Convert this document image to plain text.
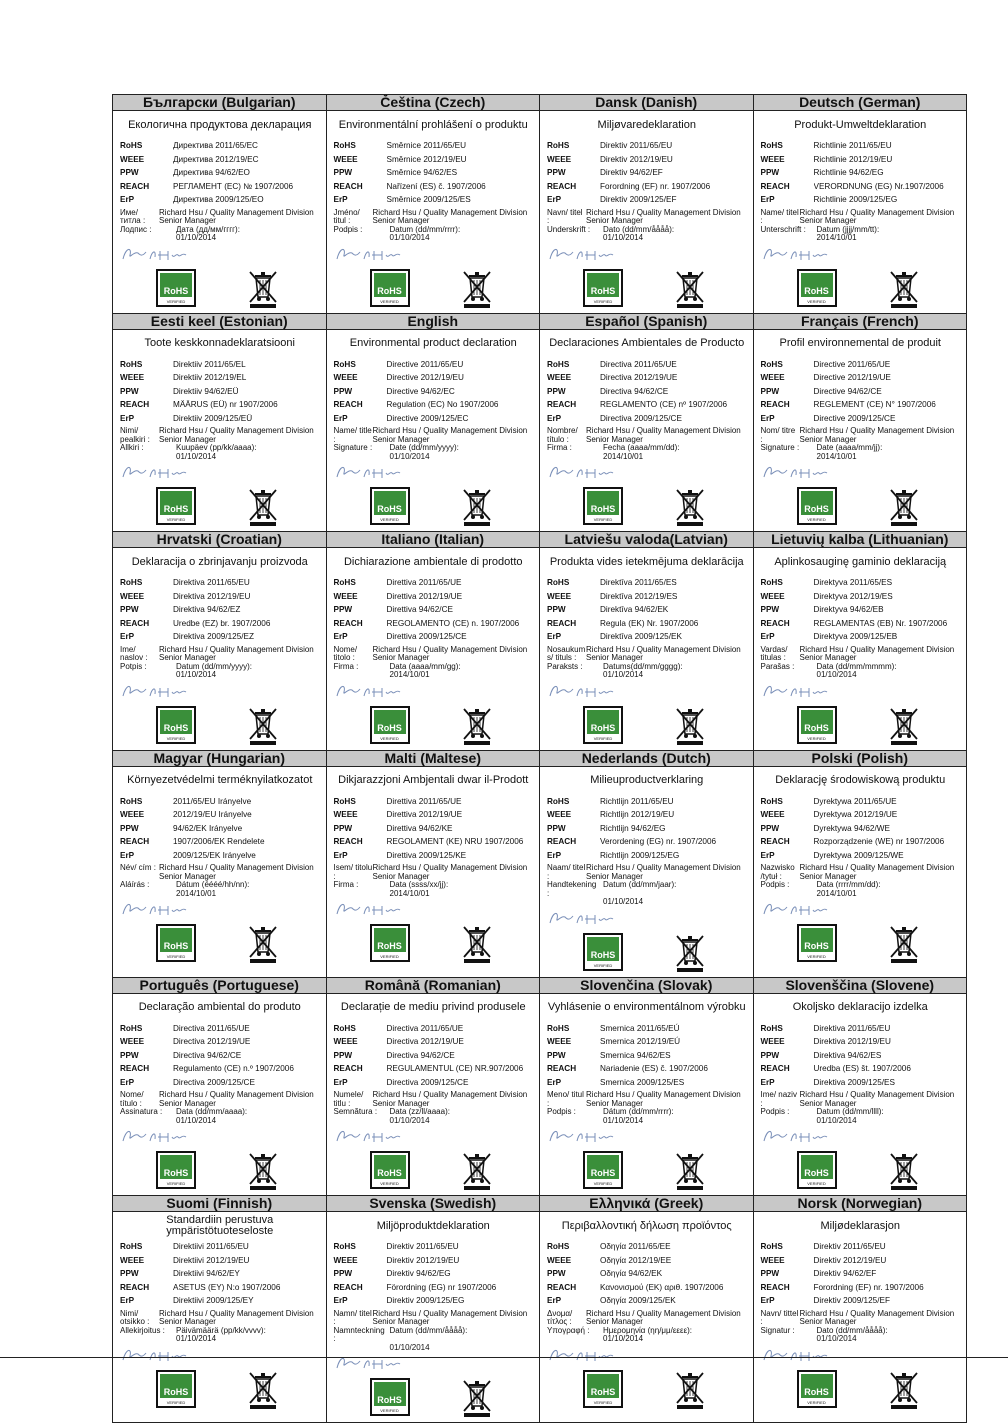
Български (Bulgarian)
Екологична продуктова декларация
RoHS	Директива 2011/65/ЕС
WEEE	Директива 2012/19/ЕС
PPW	Директива 94/62/ЕО
REACH	РЕГЛАМЕНТ (ЕС) № 1907/2006
ErP	Директива 2009/125/ЕО
Име/ титла :
Richard Hsu / Quality Management Division Senior Manager
Лодпис :	Дата (дд/мм/гггг):
01/10/2014
RoHS
VERIFIED
Čeština (Czech)
Environmentální prohlášení o produktu
RoHS	Směrnice 2011/65/EU
WEEE	Směrnice 2012/19/EU
PPW	Směrnice 94/62/ES
REACH	Nařízení (ES) č. 1907/2006
ErP	Směrnice 2009/125/ES
Jméno/ titul :
Richard Hsu / Quality Management Division Senior Manager
Podpis :	Datum (dd/mm/rrrr):
01/10/2014
RoHS
VERIFIED
Dansk (Danish)
Miljøvaredeklaration
RoHS	Direktiv 2011/65/EU
WEEE	Direktiv 2012/19/EU
PPW	Direktiv 94/62/EF
REACH	Forordning (EF) nr. 1907/2006
ErP	Direktiv 2009/125/EF
Navn/ titel :
Richard Hsu / Quality Management Division Senior Manager
Underskrift :	Dato (dd/mm/åååå):
01/10/2014
RoHS
VERIFIED
Deutsch (German)
Produkt-Umweltdeklaration
RoHS	Richtlinie 2011/65/EU
WEEE	Richtlinie 2012/19/EU
PPW	Richtlinie 94/62/EG
REACH	VERORDNUNG (EG) Nr.1907/2006
ErP	Richtlinie 2009/125/EG
Name/ titel :
Richard Hsu / Quality Management Division Senior Manager
Unterschrift :	Datum (jjjj/mm/tt):
2014/10/01
RoHS
VERIFIED
Eesti keel (Estonian)
Toote keskkonnadeklaratsiooni
RoHS	Direktiiv 2011/65/EL
WEEE	Direktiiv 2012/19/EL
PPW	Direktiiv 94/62/EÜ
REACH	MÄÄRUS (EÜ) nr 1907/2006
ErP	Direktiiv 2009/125/EÜ
Nimi/ pealkiri :
Richard Hsu / Quality Management Division Senior Manager
Allkiri :	Kuupäev (pp/kk/aaaa):
01/10/2014
RoHS
VERIFIED
English
Environmental product declaration
RoHS	Directive 2011/65/EU
WEEE	Directive 2012/19/EU
PPW	Directive 94/62/EC
REACH	Regulation (EC) No 1907/2006
ErP	Directive 2009/125/EC
Name/ title :
Richard Hsu / Quality Management Division Senior Manager
Signature :	Date (dd/mm/yyyy):
01/10/2014
RoHS
VERIFIED
Español (Spanish)
Declaraciones Ambientales de Producto
RoHS	Directiva 2011/65/UE
WEEE	Directiva 2012/19/UE
PPW	Directiva 94/62/CE
REACH	REGLAMENTO (CE) nº 1907/2006
ErP	Directiva 2009/125/CE
Nombre/ título :
Richard Hsu / Quality Management Division Senior Manager
Firma :	Fecha (aaaa/mm/dd):
2014/10/01
RoHS
VERIFIED
Français (French)
Profil environnemental de produit
RoHS	Directive 2011/65/UE
WEEE	Directive 2012/19/UE
PPW	Directive 94/62/CE
REACH	REGLEMENT (CE) N° 1907/2006
ErP	Directive 2009/125/CE
Nom/ titre :
Richard Hsu / Quality Management Division Senior Manager
Signature :	Date (aaaa/mm/jj):
2014/10/01
RoHS
VERIFIED
Hrvatski (Croatian)
Deklaracija o zbrinjavanju proizvoda
RoHS	Direktiva 2011/65/EU
WEEE	Direktiva 2012/19/EU
PPW	Direktiva 94/62/EZ
REACH	Uredbe (EZ) br. 1907/2006
ErP	Direktiva 2009/125/EZ
Ime/ naslov :
Richard Hsu / Quality Management Division Senior Manager
Potpis :	Datum (dd/mm/yyyy):
01/10/2014
RoHS
VERIFIED
Italiano (Italian)
Dichiarazione ambientale di prodotto
RoHS	Direttiva 2011/65/UE
WEEE	Direttiva 2012/19/UE
PPW	Direttiva 94/62/CE
REACH	REGOLAMENTO (CE) n. 1907/2006
ErP	Direttiva 2009/125/CE
Nome/ titolo :
Richard Hsu / Quality Management Division Senior Manager
Firma :	Data (aaaa/mm/gg):
2014/10/01
RoHS
VERIFIED
Latviešu valoda(Latvian)
Produkta vides ietekmējuma deklarācija
RoHS	Direktīva 2011/65/ES
WEEE	Direktīva 2012/19/ES
PPW	Direktīva 94/62/EK
REACH	Regula (EK) Nr. 1907/2006
ErP	Direktīva 2009/125/EK
Nosaukum s/ tituls :
Richard Hsu / Quality Management Division Senior Manager
Paraksts :	Datums(dd/mm/gggg):
01/10/2014
RoHS
VERIFIED
Lietuvių kalba (Lithuanian)
Aplinkosauginę gaminio deklaraciją
RoHS	Direktyva 2011/65/ES
WEEE	Direktyva 2012/19/ES
PPW	Direktyva 94/62/EB
REACH	REGLAMENTAS (EB) Nr. 1907/2006
ErP	Direktyva 2009/125/EB
Vardas/ titulas :
Richard Hsu / Quality Management Division Senior Manager
Parašas :	Data (dd/mm/mmmm):
01/10/2014
RoHS
VERIFIED
Magyar (Hungarian)
Környezetvédelmi terméknyilatkozatot
RoHS	2011/65/EU Irányelve
WEEE	2012/19/EU Irányelve
PPW	94/62/EK Irányelve
REACH	1907/2006/EK Rendelete
ErP	2009/125/EK Irányelve
Név/ cím : Richard Hsu / Quality Management Division Senior Manager
Aláírás :	Dátum (éééé/hh/nn):
2014/10/01
RoHS
VERIFIED
Malti (Maltese)
Dikjarazzjoni Ambjentali dwar il-Prodott
RoHS	Direttiva 2011/65/UE
WEEE	Direttiva 2012/19/UE
PPW	Direttiva 94/62/KE
REACH	REGOLAMENT (KE) NRU 1907/2006
ErP	Direttiva 2009/125/KE
Isem/ titolu :
Richard Hsu / Quality Management Division Senior Manager
Firma :	Data (ssss/xx/jj):
2014/10/01
RoHS
VERIFIED
Nederlands (Dutch)
Milieuproductverklaring
RoHS	Richtlijn 2011/65/EU
WEEE	Richtlijn 2012/19/EU
PPW	Richtlijn 94/62/EG
REACH	Verordening (EG) nr. 1907/2006
ErP	Richtlijn 2009/125/EG
Naam/ titel :
Richard Hsu / Quality Management Division Senior Manager
Handtekening :
Datum (dd/mm/jaar):
01/10/2014
RoHS
VERIFIED
Polski (Polish)
Deklarację środowiskową produktu
RoHS	Dyrektywa 2011/65/UE
WEEE	Dyrektywa 2012/19/UE
PPW	Dyrektywa 94/62/WE
REACH	Rozporządzenie (WE) nr 1907/2006
ErP	Dyrektywa 2009/125/WE
Nazwisko /tytuł :
Richard Hsu / Quality Management Division Senior Manager
Podpis :	Data (rrrr/mm/dd):
2014/10/01
RoHS
VERIFIED
Português (Portuguese)
Declaração ambiental do produto
RoHS	Directiva 2011/65/UE
WEEE	Directiva 2012/19/UE
PPW	Directiva 94/62/CE
REACH	Regulamento (CE) n.º 1907/2006
ErP	Directiva 2009/125/CE
Nome/ título :
Richard Hsu / Quality Management Division Senior Manager
Assinatura :	Data (dd/mm/aaaa):
01/10/2014
RoHS
VERIFIED
Română (Romanian)
Declarație de mediu privind produsele
RoHS	Directiva 2011/65/UE
WEEE	Directiva 2012/19/UE
PPW	Directiva 94/62/CE
REACH	REGULAMENTUL (CE) NR.907/2006
ErP	Directiva 2009/125/CE
Numele/ titlu :
Richard Hsu / Quality Management Division Senior Manager
Semnătura :	Data (zz/ll/aaaa):
01/10/2014
RoHS
VERIFIED
Slovenčina (Slovak)
Vyhlásenie o environmentálnom výrobku
RoHS	Smernica 2011/65/EÚ
WEEE	Smernica 2012/19/EÚ
PPW	Smernica 94/62/ES
REACH	Nariadenie (ES) č. 1907/2006
ErP	Smernica 2009/125/ES
Meno/ titul :
Richard Hsu / Quality Management Division Senior Manager
Podpis :	Dátum (dd/mm/rrrr):
01/10/2014
RoHS
VERIFIED
Slovenščina (Slovene)
Okoljsko deklaracijo izdelka
RoHS	Direktiva 2011/65/EU
WEEE	Direktiva 2012/19/EU
PPW	Direktiva 94/62/ES
REACH	Uredba (ES) št. 1907/2006
ErP	Direktiva 2009/125/ES
Ime/ naziv :
Richard Hsu / Quality Management Division Senior Manager
Podpis :	Datum (dd/mm/llll):
01/10/2014
RoHS
VERIFIED
Suomi (Finnish)
Standardiin perustuva ympäristötuoteseloste
RoHS	Direktiivi 2011/65/EU
WEEE	Direktiivi 2012/19/EU
PPW	Direktiivi 94/62/EY
REACH	ASETUS (EY) N:o 1907/2006
ErP	Direktiivi 2009/125/EY
Nimi/ otsikko :
Richard Hsu / Quality Management Division Senior Manager
Allekirjoitus :	Päivämäärä (pp/kk/vvvv):
01/10/2014
RoHS
VERIFIED
Svenska (Swedish)
Miljöproduktdeklaration
RoHS	Direktiv 2011/65/EU
WEEE	Direktiv 2012/19/EU
PPW	Direktiv 94/62/EG
REACH	Förordning (EG) nr 1907/2006
ErP	Direktiv 2009/125/EG
Namn/ titel :
Richard Hsu / Quality Management Division Senior Manager
Namnteckning :
Datum (dd/mm/åååå):
01/10/2014
RoHS
VERIFIED
Ελληνικά (Greek)
Περιβαλλοντική δήλωση προϊόντος
RoHS	Οδηγία 2011/65/ΕΕ
WEEE	Οδηγία 2012/19/ΕΕ
PPW	Οδηγία 94/62/ΕΚ
REACH	Κανονισμού (ΕΚ) αριθ. 1907/2006
ErP	Οδηγία 2009/125/ΕΚ
Δνομα/ τίτλος :
Richard Hsu / Quality Management Division Senior Manager
Υπογραφή :	Ημερομηνία (ηη/μμ/εεεε):
01/10/2014
RoHS
VERIFIED
Norsk (Norwegian)
Miljødeklarasjon
RoHS	Direktiv 2011/65/EU
WEEE	Direktiv 2012/19/EU
PPW	Direktiv 94/62/EF
REACH	Forordning (EF) nr. 1907/2006
ErP	Direktiv 2009/125/EF
Navn/ tittel :
Richard Hsu / Quality Management Division Senior Manager
Signatur :	Dato (dd/mm/åååå):
01/10/2014
RoHS
VERIFIED
